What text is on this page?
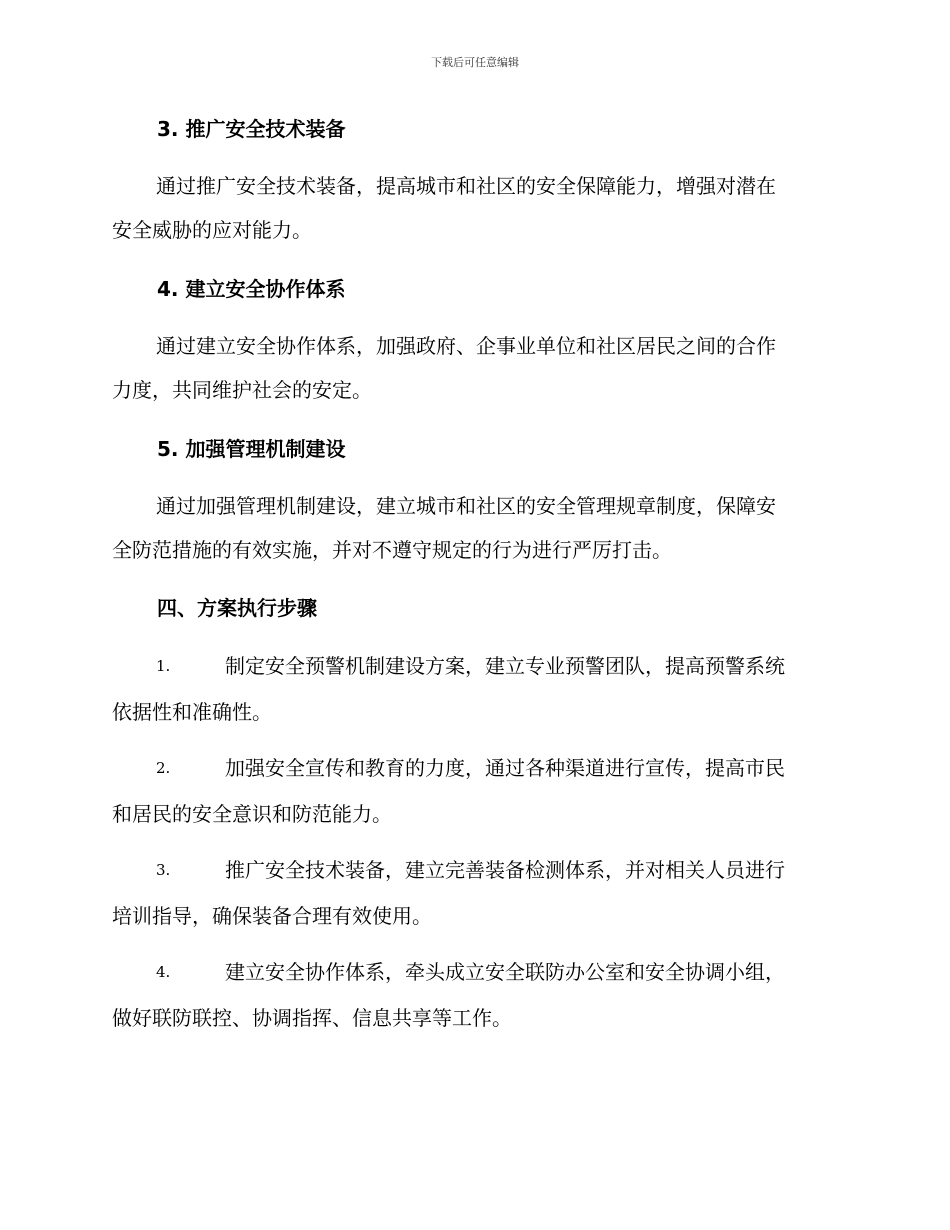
下载后可任意编辑
3. 推广安全技术装备
通过推广安全技术装备，提高城市和社区的安全保障能力，增强对潜在
安全威胁的应对能力。
4. 建立安全协作体系
通过建立安全协作体系，加强政府、企事业单位和社区居民之间的合作
力度，共同维护社会的安定。
5. 加强管理机制建设
通过加强管理机制建设，建立城市和社区的安全管理规章制度，保障安
全防范措施的有效实施，并对不遵守规定的行为进行严厉打击。
四、方案执行步骤
1.	制定安全预警机制建设方案，建立专业预警团队，提高预警系统
依据性和准确性。
2.	加强安全宣传和教育的力度，通过各种渠道进行宣传，提高市民
和居民的安全意识和防范能力。
3.	推广安全技术装备，建立完善装备检测体系，并对相关人员进行
培训指导，确保装备合理有效使用。
4.	建立安全协作体系，牵头成立安全联防办公室和安全协调小组，
做好联防联控、协调指挥、信息共享等工作。
